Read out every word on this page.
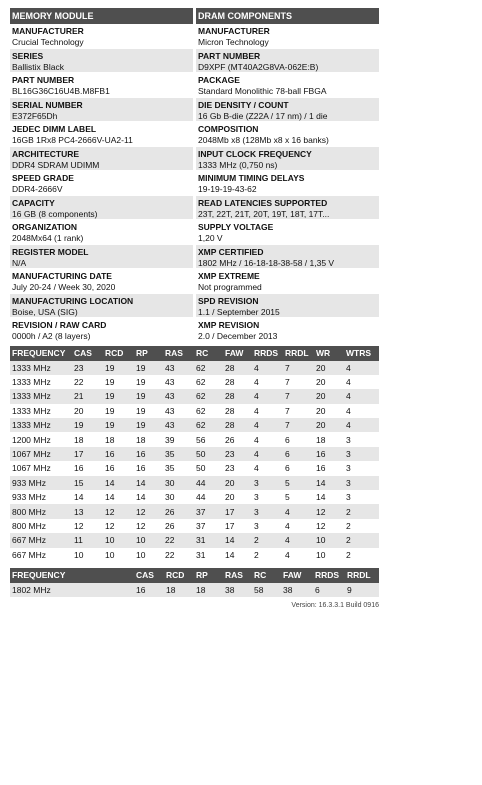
MEMORY MODULE
MANUFACTURER
Crucial Technology
SERIES
Ballistix Black
PART NUMBER
BL16G36C16U4B.M8FB1
SERIAL NUMBER
E372F65Dh
JEDEC DIMM LABEL
16GB 1Rx8 PC4-2666V-UA2-11
ARCHITECTURE
DDR4 SDRAM UDIMM
SPEED GRADE
DDR4-2666V
CAPACITY
16 GB (8 components)
ORGANIZATION
2048Mx64 (1 rank)
REGISTER MODEL
N/A
MANUFACTURING DATE
July 20-24 / Week 30, 2020
MANUFACTURING LOCATION
Boise, USA (SIG)
REVISION / RAW CARD
0000h / A2 (8 layers)
DRAM COMPONENTS
MANUFACTURER
Micron Technology
PART NUMBER
D9XPF (MT40A2G8VA-062E:B)
PACKAGE
Standard Monolithic 78-ball FBGA
DIE DENSITY / COUNT
16 Gb B-die (Z22A / 17 nm) / 1 die
COMPOSITION
2048Mb x8 (128Mb x8 x 16 banks)
INPUT CLOCK FREQUENCY
1333 MHz (0,750 ns)
MINIMUM TIMING DELAYS
19-19-19-43-62
READ LATENCIES SUPPORTED
23T, 22T, 21T, 20T, 19T, 18T, 17T...
SUPPLY VOLTAGE
1,20 V
XMP CERTIFIED
1802 MHz / 16-18-18-38-58 / 1,35 V
XMP EXTREME
Not programmed
SPD REVISION
1.1 / September 2015
XMP REVISION
2.0 / December 2013
FREQUENCY	CAS	RCD	RP	RAS	RC	FAW	RRDS	RRDL	WR	WTRS
1333 MHz	23	19	19	43	62	28	4	7	20	4
1333 MHz	22	19	19	43	62	28	4	7	20	4
1333 MHz	21	19	19	43	62	28	4	7	20	4
1333 MHz	20	19	19	43	62	28	4	7	20	4
1333 MHz	19	19	19	43	62	28	4	7	20	4
1200 MHz	18	18	18	39	56	26	4	6	18	3
1067 MHz	17	16	16	35	50	23	4	6	16	3
1067 MHz	16	16	16	35	50	23	4	6	16	3
933 MHz	15	14	14	30	44	20	3	5	14	3
933 MHz	14	14	14	30	44	20	3	5	14	3
800 MHz	13	12	12	26	37	17	3	4	12	2
800 MHz	12	12	12	26	37	17	3	4	12	2
667 MHz	11	10	10	22	31	14	2	4	10	2
667 MHz	10	10	10	22	31	14	2	4	10	2
FREQUENCY	CAS	RCD	RP	RAS	RC	FAW	RRDS	RRDL
1802 MHz	16	18	18	38	58	38	6	9
Version: 16.3.3.1 Build 0916
